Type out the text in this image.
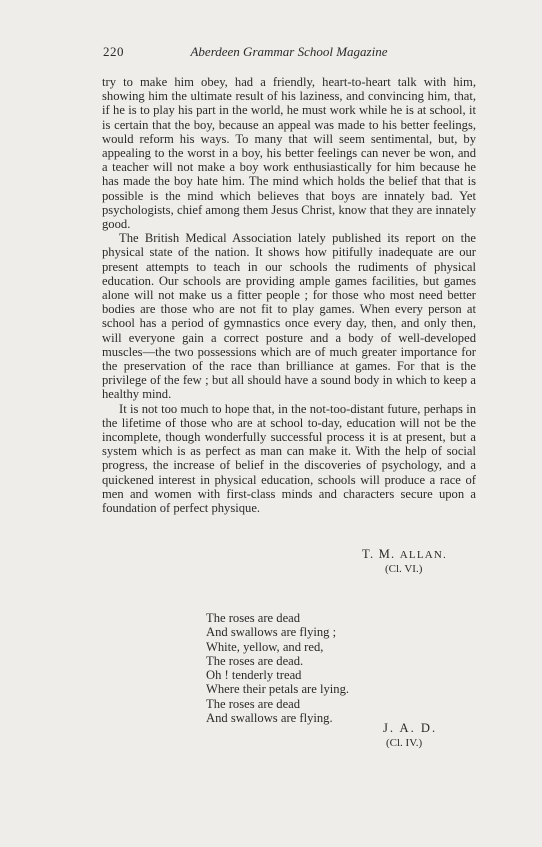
220	Aberdeen Grammar School Magazine

try to make him obey, had a friendly, heart-to-heart talk with him, showing him the ultimate result of his laziness, and convincing him, that, if he is to play his part in the world, he must work while he is at school, it is certain that the boy, because an appeal was made to his better feelings, would reform his ways. To many that will seem sentimental, but, by appealing to the worst in a boy, his better feelings can never be won, and a teacher will not make a boy work enthusiastically for him because he has made the boy hate him. The mind which holds the belief that that is possible is the mind which believes that boys are innately bad. Yet psychologists, chief among them Jesus Christ, know that they are innately good.

The British Medical Association lately published its report on the physical state of the nation. It shows how pitifully inadequate are our present attempts to teach in our schools the rudiments of physical education. Our schools are providing ample games facilities, but games alone will not make us a fitter people ; for those who most need better bodies are those who are not fit to play games. When every person at school has a period of gymnastics once every day, then, and only then, will everyone gain a correct posture and a body of well-developed muscles—the two possessions which are of much greater importance for the preservation of the race than brilliance at games. For that is the privilege of the few ; but all should have a sound body in which to keep a healthy mind.

It is not too much to hope that, in the not-too-distant future, perhaps in the lifetime of those who are at school to-day, education will not be the incomplete, though wonderfully successful process it is at present, but a system which is as perfect as man can make it. With the help of social progress, the increase of belief in the discoveries of psychology, and a quickened interest in physical education, schools will produce a race of men and women with first-class minds and characters secure upon a foundation of perfect physique.

T. M. ALLAN.
(Cl. VI.)
The roses are dead
And swallows are flying ;
White, yellow, and red,
The roses are dead.
Oh ! tenderly tread
Where their petals are lying.
The roses are dead
And swallows are flying.
J. A. D.
(Cl. IV.)
